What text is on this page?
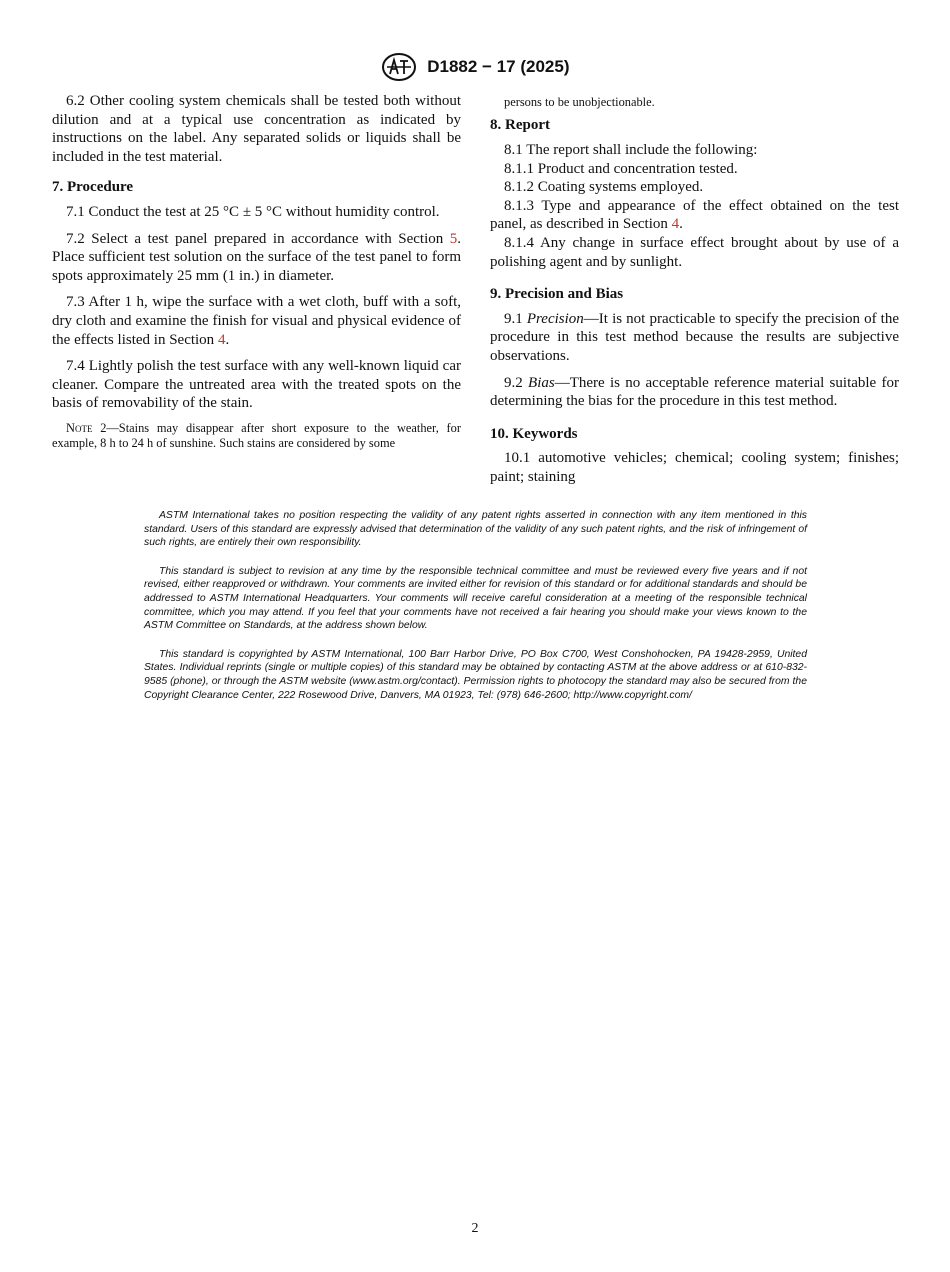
D1882 − 17 (2025)

6.2 Other cooling system chemicals shall be tested both without dilution and at a typical use concentration as indicated by instructions on the label. Any separated solids or liquids shall be included in the test material.

7. Procedure

7.1 Conduct the test at 25 °C ± 5 °C without humidity control.

7.2 Select a test panel prepared in accordance with Section 5. Place sufficient test solution on the surface of the test panel to form spots approximately 25 mm (1 in.) in diameter.

7.3 After 1 h, wipe the surface with a wet cloth, buff with a soft, dry cloth and examine the finish for visual and physical evidence of the effects listed in Section 4.

7.4 Lightly polish the test surface with any well-known liquid car cleaner. Compare the untreated area with the treated spots on the basis of removability of the stain.

Note 2—Stains may disappear after short exposure to the weather, for example, 8 h to 24 h of sunshine. Such stains are considered by some

persons to be unobjectionable.

8. Report

8.1 The report shall include the following:

8.1.1 Product and concentration tested.

8.1.2 Coating systems employed.

8.1.3 Type and appearance of the effect obtained on the test panel, as described in Section 4.

8.1.4 Any change in surface effect brought about by use of a polishing agent and by sunlight.

9. Precision and Bias

9.1 Precision—It is not practicable to specify the precision of the procedure in this test method because the results are subjective observations.

9.2 Bias—There is no acceptable reference material suitable for determining the bias for the procedure in this test method.

10. Keywords

10.1 automotive vehicles; chemical; cooling system; finishes; paint; staining

ASTM International takes no position respecting the validity of any patent rights asserted in connection with any item mentioned in this standard. Users of this standard are expressly advised that determination of the validity of any such patent rights, and the risk of infringement of such rights, are entirely their own responsibility.

This standard is subject to revision at any time by the responsible technical committee and must be reviewed every five years and if not revised, either reapproved or withdrawn. Your comments are invited either for revision of this standard or for additional standards and should be addressed to ASTM International Headquarters. Your comments will receive careful consideration at a meeting of the responsible technical committee, which you may attend. If you feel that your comments have not received a fair hearing you should make your views known to the ASTM Committee on Standards, at the address shown below.

This standard is copyrighted by ASTM International, 100 Barr Harbor Drive, PO Box C700, West Conshohocken, PA 19428-2959, United States. Individual reprints (single or multiple copies) of this standard may be obtained by contacting ASTM at the above address or at 610-832-9585 (phone), or through the ASTM website (www.astm.org/contact). Permission rights to photocopy the standard may also be secured from the Copyright Clearance Center, 222 Rosewood Drive, Danvers, MA 01923, Tel: (978) 646-2600; http://www.copyright.com/

2
